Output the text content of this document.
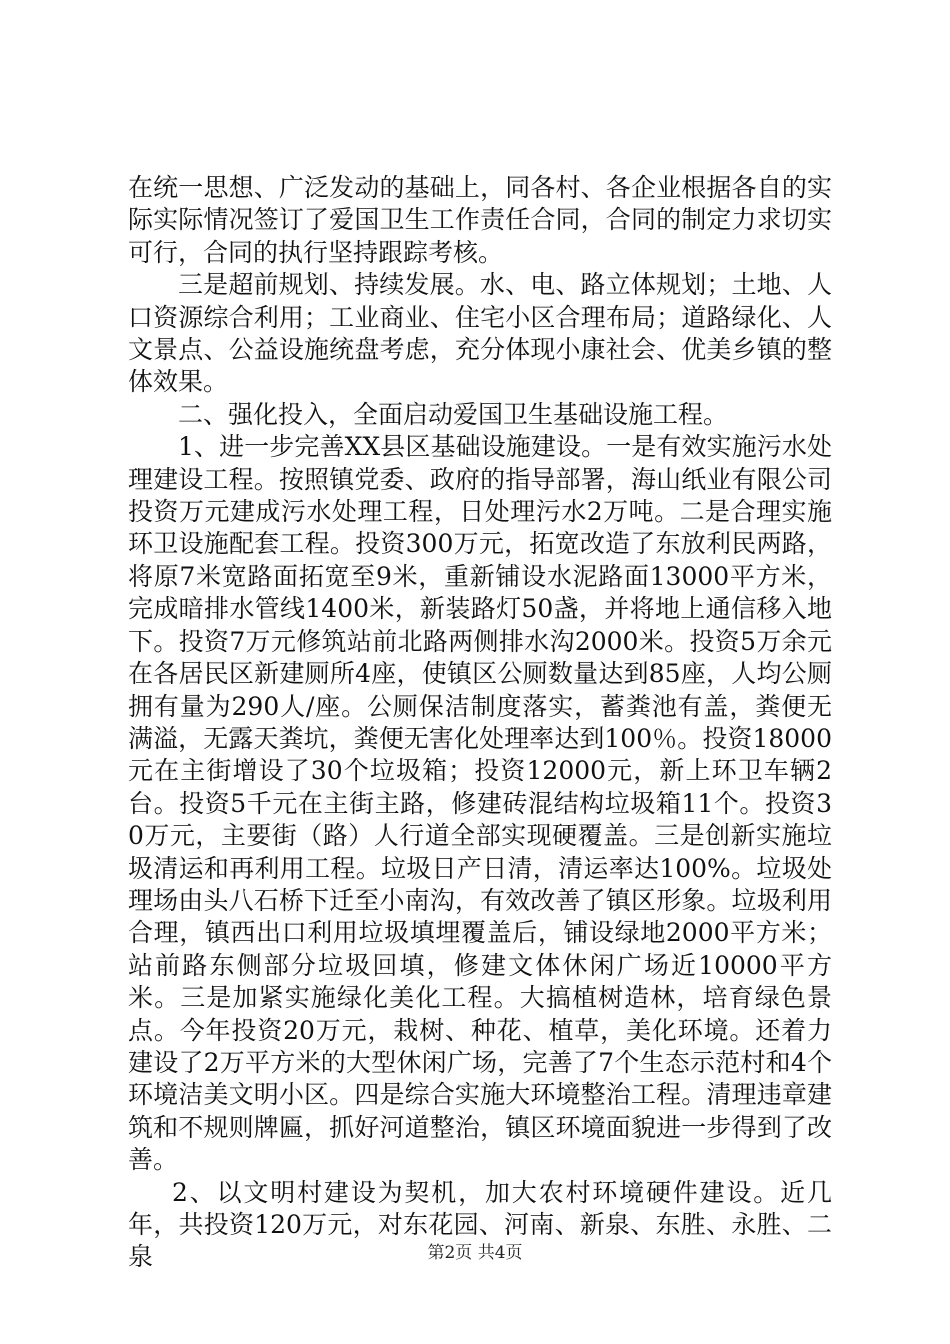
在统一思想、广泛发动的基础上，同各村、各企业根据各自的实际实际情况签订了爱国卫生工作责任合同，合同的制定力求切实可行，合同的执行坚持跟踪考核。

三是超前规划、持续发展。水、电、路立体规划；土地、人口资源综合利用；工业商业、住宅小区合理布局；道路绿化、人文景点、公益设施统盘考虑，充分体现小康社会、优美乡镇的整体效果。

二、强化投入，全面启动爱国卫生基础设施工程。

1、进一步完善XX县区基础设施建设。一是有效实施污水处理建设工程。按照镇党委、政府的指导部署，海山纸业有限公司投资万元建成污水处理工程，日处理污水2万吨。二是合理实施环卫设施配套工程。投资300万元，拓宽改造了东放利民两路，将原7米宽路面拓宽至9米，重新铺设水泥路面13000平方米，完成暗排水管线1400米，新装路灯50盏，并将地上通信移入地下。投资7万元修筑站前北路两侧排水沟2000米。投资5万余元在各居民区新建厕所4座，使镇区公厕数量达到85座，人均公厕拥有量为290人/座。公厕保洁制度落实，蓄粪池有盖，粪便无满溢，无露天粪坑，粪便无害化处理率达到100％。投资18000元在主街增设了30个垃圾箱；投资12000元，新上环卫车辆2台。投资5千元在主街主路，修建砖混结构垃圾箱11个。投资30万元，主要街（路）人行道全部实现硬覆盖。三是创新实施垃圾清运和再利用工程。垃圾日产日清，清运率达100%。垃圾处理场由头八石桥下迁至小南沟，有效改善了镇区形象。垃圾利用合理，镇西出口利用垃圾填埋覆盖后，铺设绿地2000平方米；站前路东侧部分垃圾回填，修建文体休闲广场近10000平方米。三是加紧实施绿化美化工程。大搞植树造林，培育绿色景点。今年投资20万元，栽树、种花、植草，美化环境。还着力建设了2万平方米的大型休闲广场，完善了7个生态示范村和4个环境洁美文明小区。四是综合实施大环境整治工程。清理违章建筑和不规则牌匾，抓好河道整治，镇区环境面貌进一步得到了改善。

2、以文明村建设为契机，加大农村环境硬件建设。近几年，共投资120万元，对东花园、河南、新泉、东胜、永胜、二泉	第2页 共4页
